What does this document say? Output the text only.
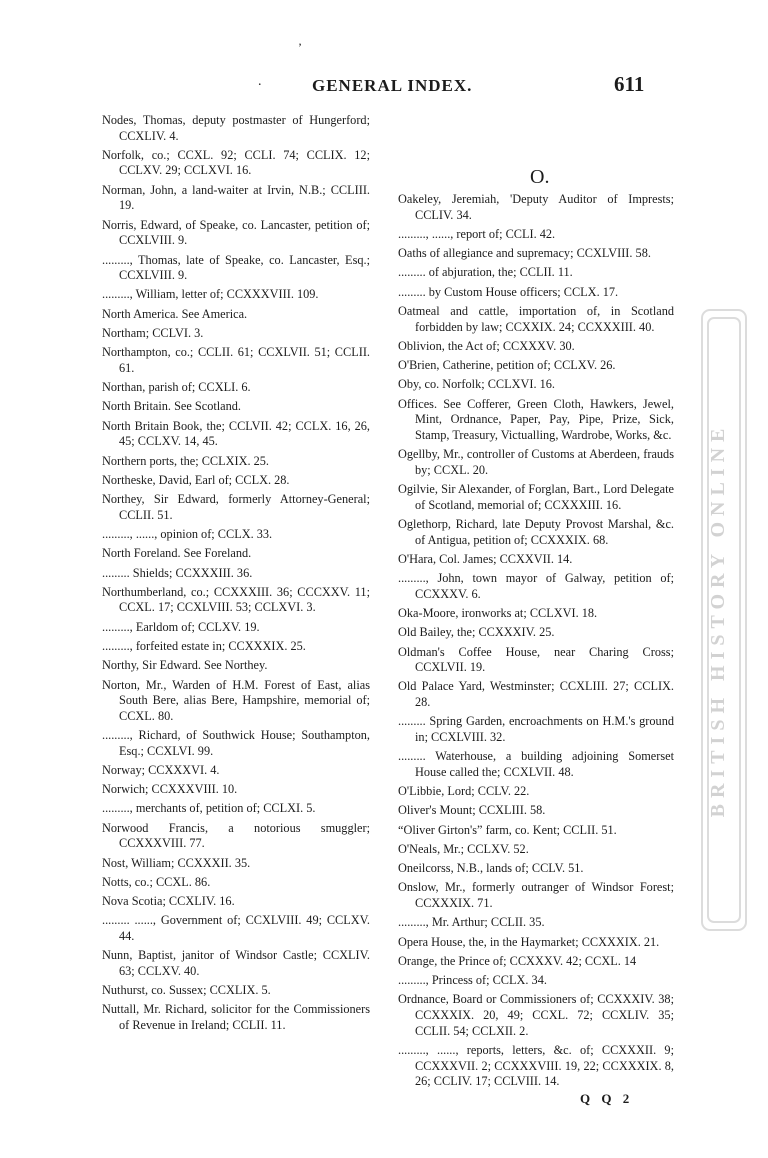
’
.	GENERAL INDEX.	611
Nodes, Thomas, deputy postmaster of Hungerford; CCXLIV. 4.
Norfolk, co.; CCXL. 92; CCLI. 74; CCLIX. 12; CCLXV. 29; CCLXVI. 16.
Norman, John, a land-waiter at Irvin, N.B.; CCLIII. 19.
Norris, Edward, of Speake, co. Lancaster, petition of; CCXLVIII. 9.
........., Thomas, late of Speake, co. Lancaster, Esq.; CCXLVIII. 9.
........., William, letter of; CCXXXVIII. 109.
North America. See America.
Northam; CCLVI. 3.
Northampton, co.; CCLII. 61; CCXLVII. 51; CCLII. 61.
Northan, parish of; CCXLI. 6.
North Britain. See Scotland.
North Britain Book, the; CCLVII. 42; CCLX. 16, 26, 45; CCLXV. 14, 45.
Northern ports, the; CCLXIX. 25.
Northeske, David, Earl of; CCLX. 28.
Northey, Sir Edward, formerly Attorney-General; CCLII. 51.
........., ......, opinion of; CCLX. 33.
North Foreland. See Foreland.
......... Shields; CCXXXIII. 36.
Northumberland, co.; CCXXXIII. 36; CCCXXV. 11; CCXL. 17; CCXLVIII. 53; CCLXVI. 3.
........., Earldom of; CCLXV. 19.
........., forfeited estate in; CCXXXIX. 25.
Northy, Sir Edward. See Northey.
Norton, Mr., Warden of H.M. Forest of East, alias South Bere, alias Bere, Hampshire, memorial of; CCXL. 80.
........., Richard, of Southwick House; Southampton, Esq.; CCXLVI. 99.
Norway; CCXXXVI. 4.
Norwich; CCXXXVIII. 10.
........., merchants of, petition of; CCLXI. 5.
Norwood Francis, a notorious smuggler; CCXXXVIII. 77.
Nost, William; CCXXXII. 35.
Notts, co.; CCXL. 86.
Nova Scotia; CCXLIV. 16.
......... ......, Government of; CCXLVIII. 49; CCLXV. 44.
Nunn, Baptist, janitor of Windsor Castle; CCXLIV. 63; CCLXV. 40.
Nuthurst, co. Sussex; CCXLIX. 5.
Nuttall, Mr. Richard, solicitor for the Commissioners of Revenue in Ireland; CCLII. 11.
O.
Oakeley, Jeremiah, 'Deputy Auditor of Imprests; CCLIV. 34.
........., ......, report of; CCLI. 42.
Oaths of allegiance and supremacy; CCXLVIII. 58.
......... of abjuration, the; CCLII. 11.
......... by Custom House officers; CCLX. 17.
Oatmeal and cattle, importation of, in Scotland forbidden by law; CCXXIX. 24; CCXXXIII. 40.
Oblivion, the Act of; CCXXXV. 30.
O'Brien, Catherine, petition of; CCLXV. 26.
Oby, co. Norfolk; CCLXVI. 16.
Offices. See Cofferer, Green Cloth, Hawkers, Jewel, Mint, Ordnance, Paper, Pay, Pipe, Prize, Sick, Stamp, Treasury, Victualling, Wardrobe, Works, &c.
Ogellby, Mr., controller of Customs at Aberdeen, frauds by; CCXL. 20.
Ogilvie, Sir Alexander, of Forglan, Bart., Lord Delegate of Scotland, memorial of; CCXXXIII. 16.
Oglethorp, Richard, late Deputy Provost Marshal, &c. of Antigua, petition of; CCXXXIX. 68.
O'Hara, Col. James; CCXXVII. 14.
........., John, town mayor of Galway, petition of; CCXXXV. 6.
Oka-Moore, ironworks at; CCLXVI. 18.
Old Bailey, the; CCXXXIV. 25.
Oldman's Coffee House, near Charing Cross; CCXLVII. 19.
Old Palace Yard, Westminster; CCXLIII. 27; CCLIX. 28.
......... Spring Garden, encroachments on H.M.'s ground in; CCXLVIII. 32.
......... Waterhouse, a building adjoining Somerset House called the; CCXLVII. 48.
O'Libbie, Lord; CCLV. 22.
Oliver's Mount; CCXLIII. 58.
“Oliver Girton's” farm, co. Kent; CCLII. 51.
O'Neals, Mr.; CCLXV. 52.
Oneilcorss, N.B., lands of; CCLV. 51.
Onslow, Mr., formerly outranger of Windsor Forest; CCXXXIX. 71.
........., Mr. Arthur; CCLII. 35.
Opera House, the, in the Haymarket; CCXXXIX. 21.
Orange, the Prince of; CCXXXV. 42; CCXL. 14
........., Princess of; CCLX. 34.
Ordnance, Board or Commissioners of; CCXXXIV. 38; CCXXXIX. 20, 49; CCXL. 72; CCXLIV. 35; CCLII. 54; CCLXII. 2.
........., ......, reports, letters, &c. of; CCXXXII. 9; CCXXXVII. 2; CCXXXVIII. 19, 22; CCXXXIX. 8, 26; CCLIV. 17; CCLVIII. 14.
Q Q 2
BRITISH HISTORY ONLINE
